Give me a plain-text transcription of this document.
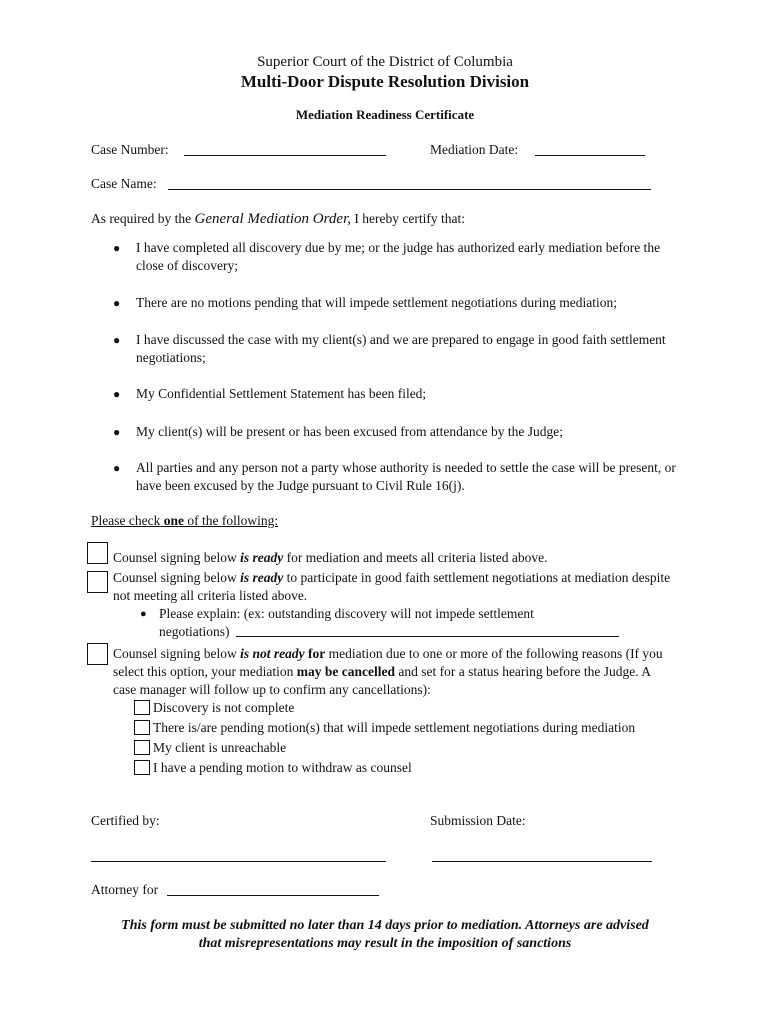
Superior Court of the District of Columbia
Multi-Door Dispute Resolution Division
Mediation Readiness Certificate
Case Number:	Mediation Date:
Case Name:
As required by the General Mediation Order, I hereby certify that:
● I have completed all discovery due by me; or the judge has authorized early mediation before the close of discovery;
● There are no motions pending that will impede settlement negotiations during mediation;
● I have discussed the case with my client(s) and we are prepared to engage in good faith settlement negotiations;
● My Confidential Settlement Statement has been filed;
● My client(s) will be present or has been excused from attendance by the Judge;
● All parties and any person not a party whose authority is needed to settle the case will be present, or have been excused by the Judge pursuant to Civil Rule 16(j).
Please check one of the following:
Counsel signing below is ready for mediation and meets all criteria listed above.
Counsel signing below is ready to participate in good faith settlement negotiations at mediation despite not meeting all criteria listed above.
● Please explain: (ex: outstanding discovery will not impede settlement
negotiations)
Counsel signing below is not ready for mediation due to one or more of the following reasons (If you select this option, your mediation may be cancelled and set for a status hearing before the Judge. A case manager will follow up to confirm any cancellations):
Discovery is not complete
There is/are pending motion(s) that will impede settlement negotiations during mediation
My client is unreachable
I have a pending motion to withdraw as counsel
Certified by:	Submission Date:
Attorney for
This form must be submitted no later than 14 days prior to mediation. Attorneys are advised
that misrepresentations may result in the imposition of sanctions
